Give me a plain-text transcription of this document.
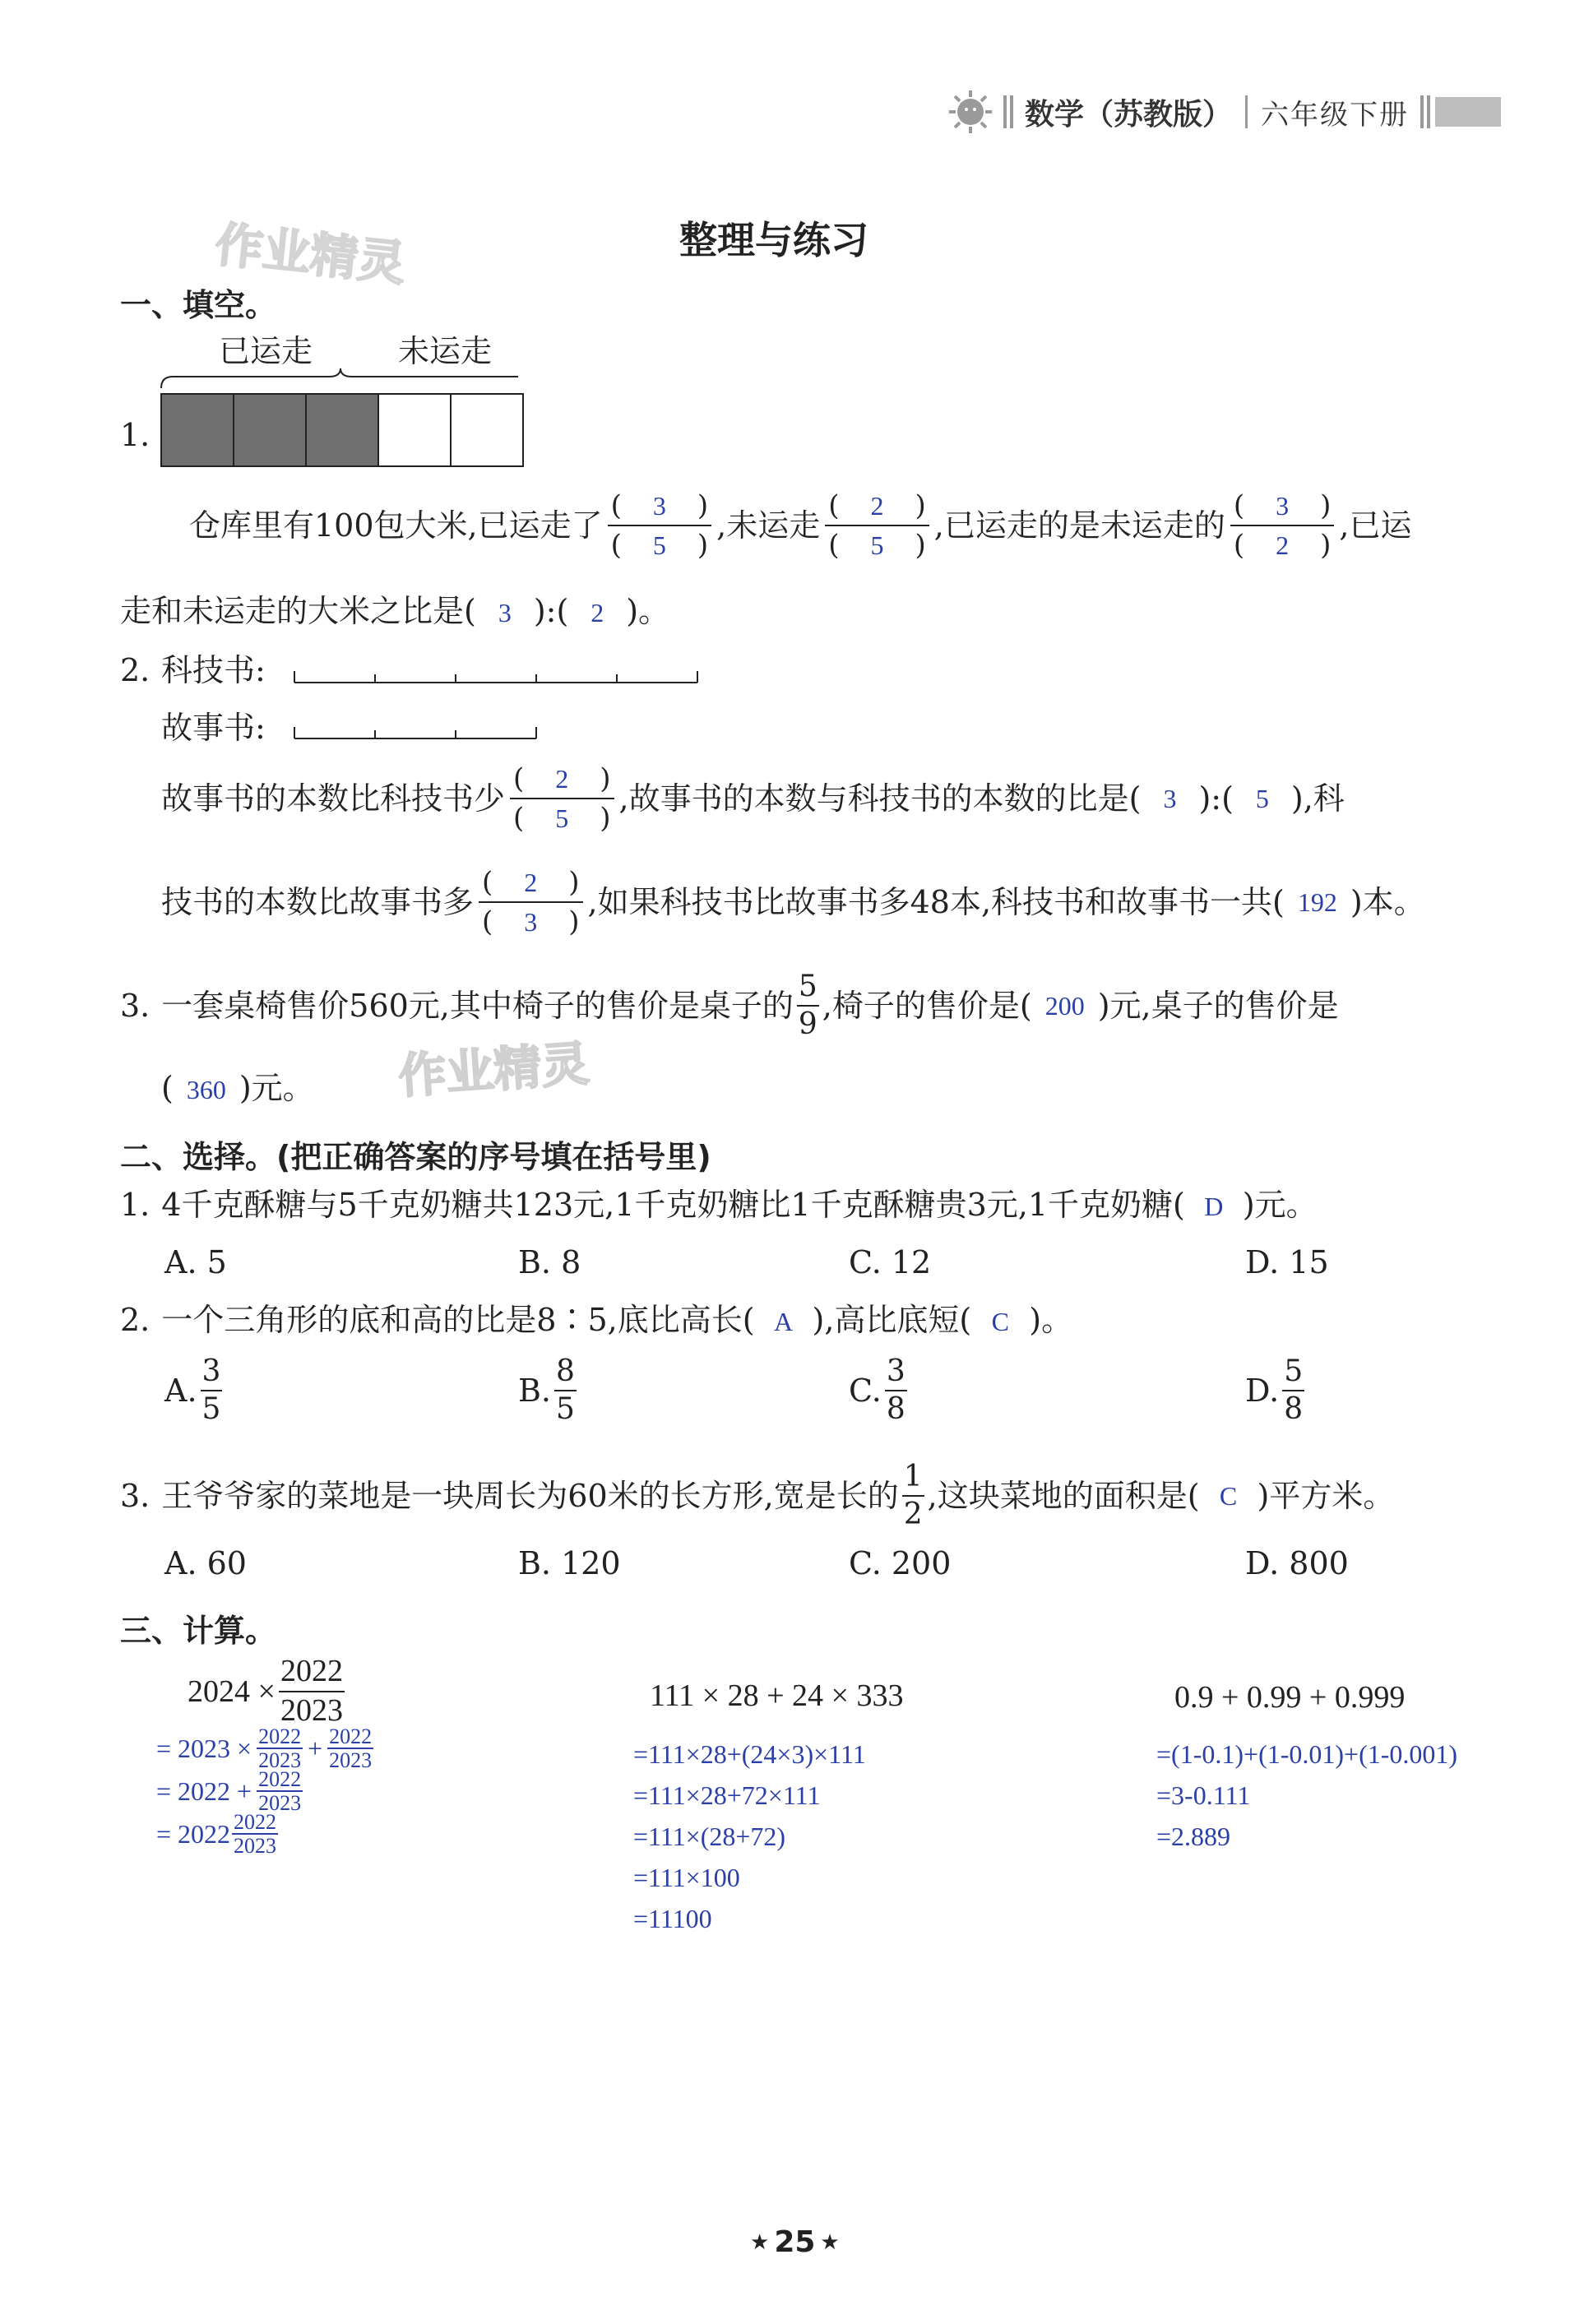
数学（苏教版） 六年级下册
作业精灵	整理与练习
一、填空。
已运走	未运走
1.
仓库里有100包大米,已运走了 $\frac{( 3 )}{( 5 )}$ ,未运走 $\frac{( 2 )}{( 5 )}$ ,已运走的是未运走的 $\frac{( 3 )}{( 2 )}$ ,已运
走和未运走的大米之比是( 3 ):( 2 )。
2. 科技书:
故事书:
故事书的本数比科技书少 $\frac{( 2 )}{( 5 )}$ ,故事书的本数与科技书的本数的比是( 3 ):( 5 ),科
技书的本数比故事书多 $\frac{( 2 )}{( 3 )}$ ,如果科技书比故事书多48本,科技书和故事书一共( 192 )本。
3. 一套桌椅售价560元,其中椅子的售价是桌子的 $\frac{5}{9}$ ,椅子的售价是( 200 )元,桌子的售价是
( 360 )元。 作业精灵
二、选择。(把正确答案的序号填在括号里)
1. 4千克酥糖与5千克奶糖共123元,1千克奶糖比1千克酥糖贵3元,1千克奶糖( D )元。
A. 5	B. 8	C. 12	D. 15
2. 一个三角形的底和高的比是8∶5,底比高长( A ),高比底短( C )。
A. $\frac{3}{5}$	B. $\frac{8}{5}$	C. $\frac{3}{8}$	D. $\frac{5}{8}$
3. 王爷爷家的菜地是一块周长为60米的长方形,宽是长的 $\frac{1}{2}$ ,这块菜地的面积是( C )平方米。
A. 60	B. 120	C. 200	D. 800
三、计算。
$2024 \times \frac{2022}{2023}$
= $2023 \times \frac{2022}{2023} + \frac{2022}{2023}$
= $2022 + \frac{2022}{2023}$
= $2022 \frac{2022}{2023}$
111 × 28 + 24 × 333
=111×28+(24×3)×111
=111×28+72×111
=111×(28+72)
=111×100
=11100
0.9 + 0.99 + 0.999
=(1-0.1)+(1-0.01)+(1-0.001)
=3-0.111
=2.889
★ 25 ★
